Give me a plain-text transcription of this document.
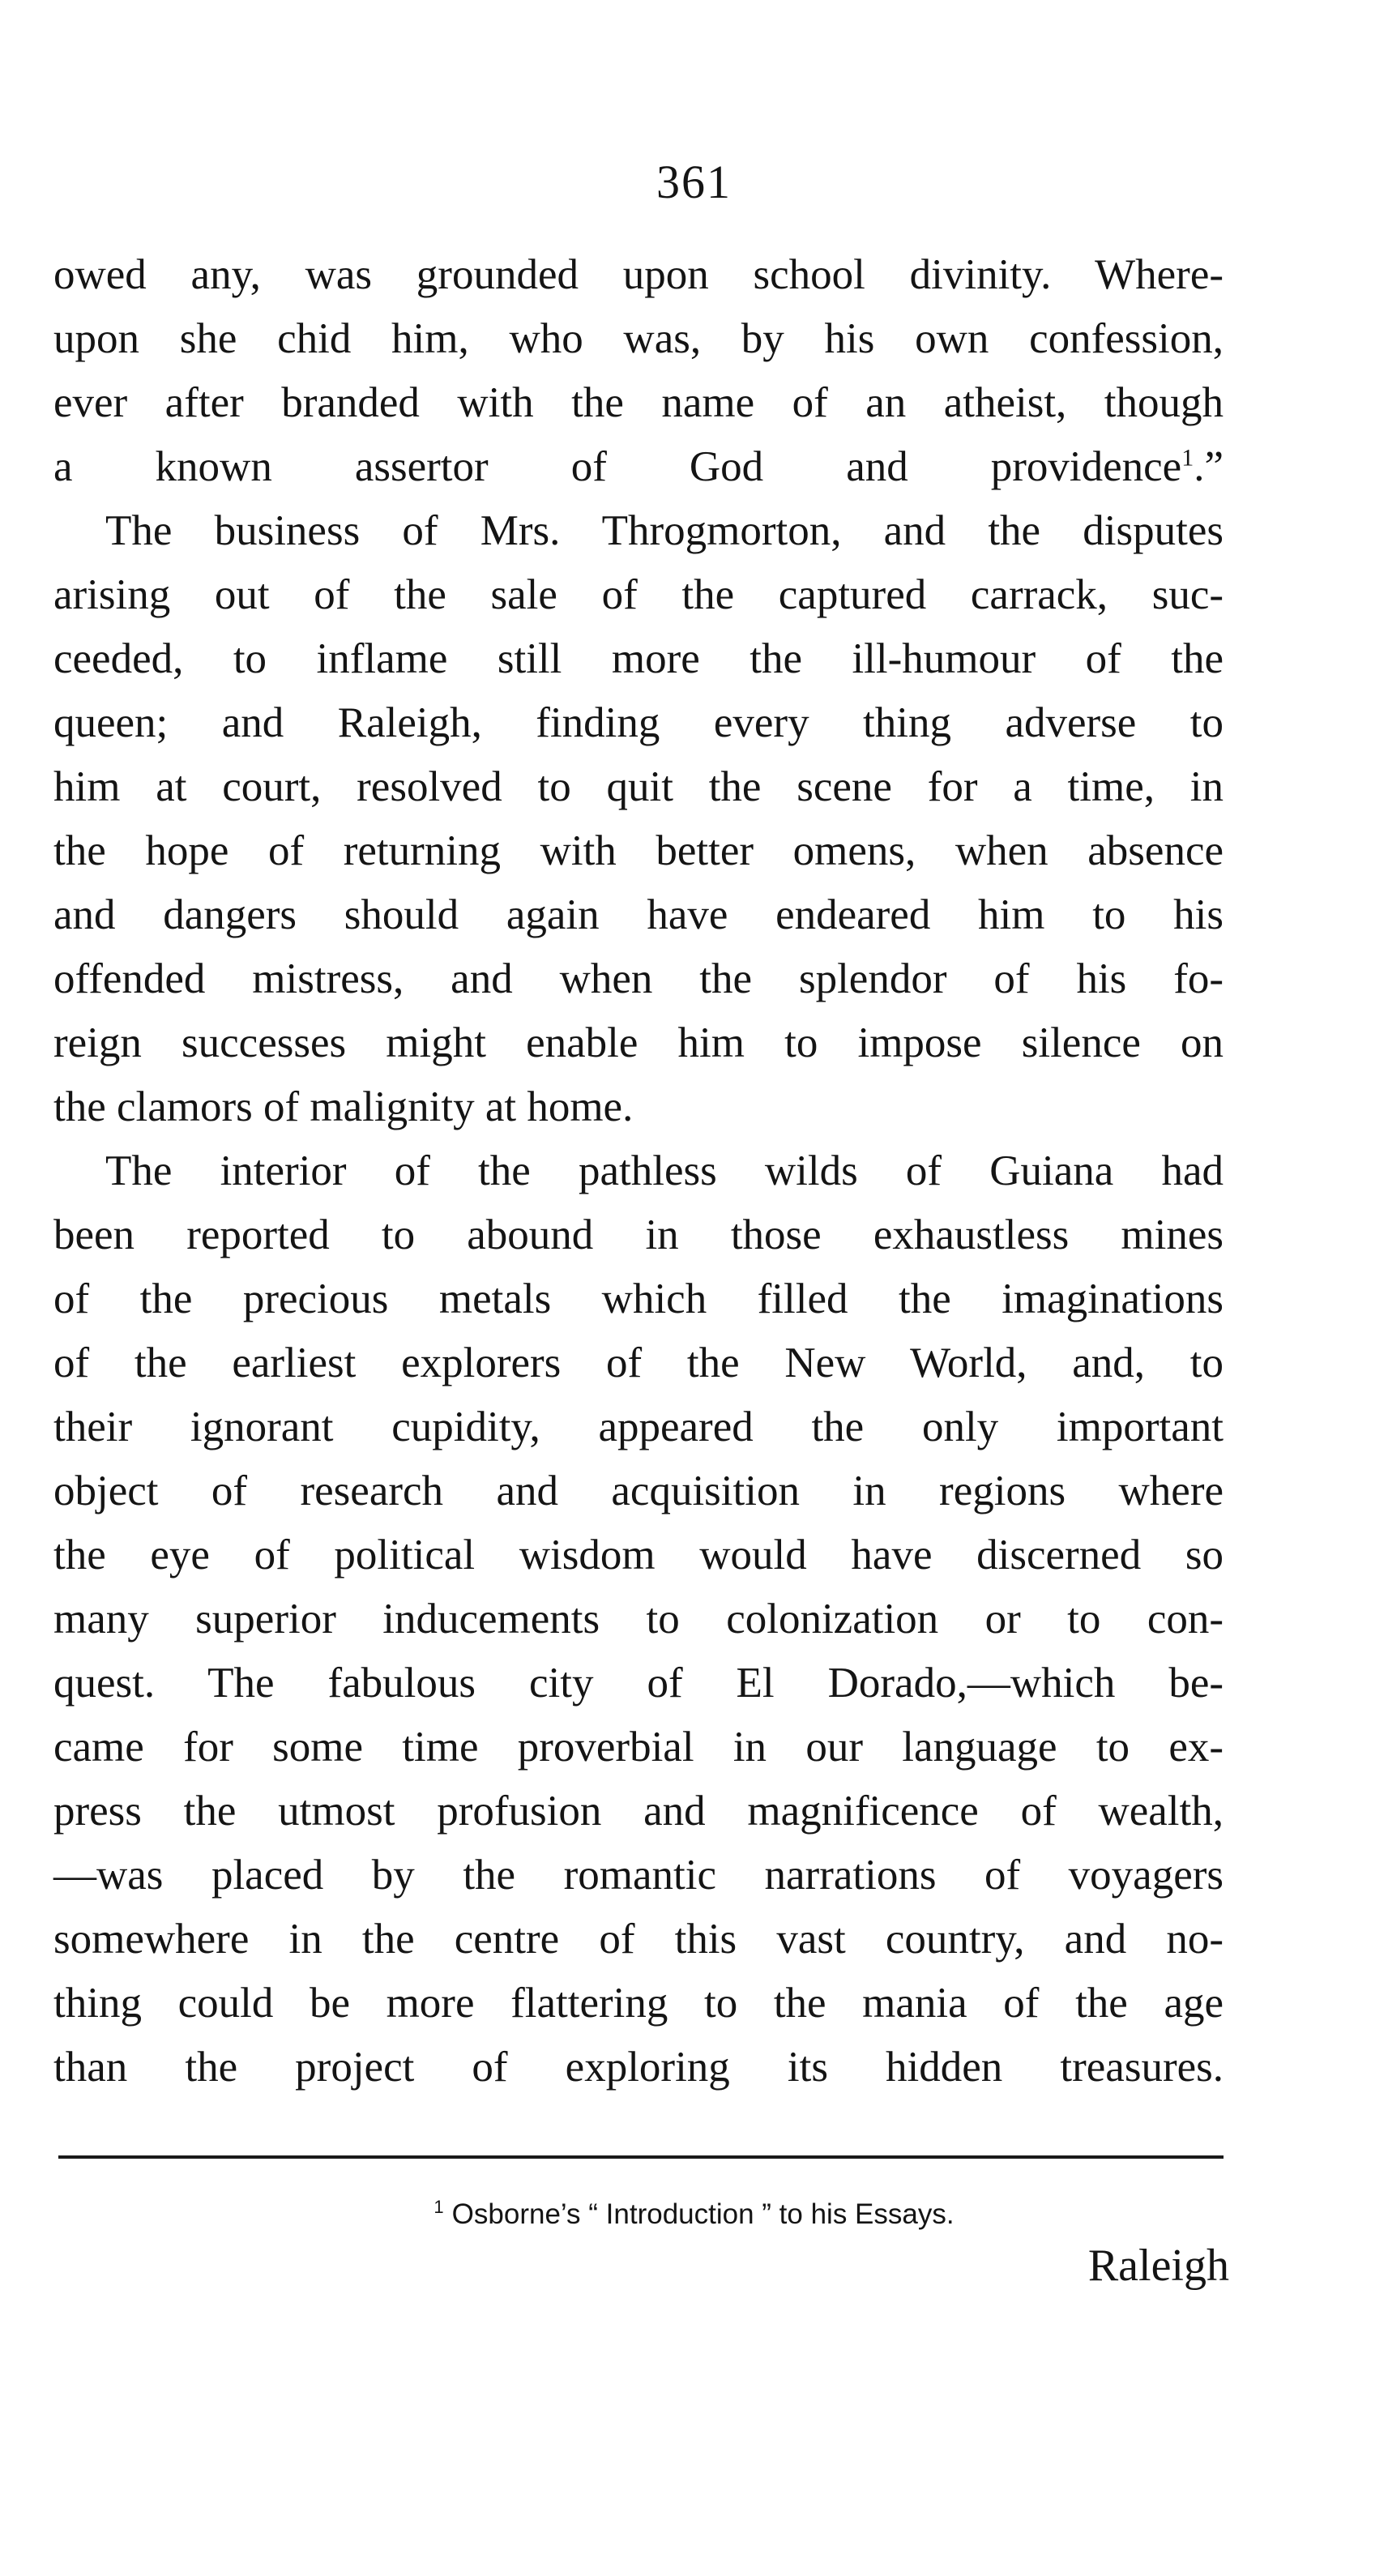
361
owed any, was grounded upon school divinity. Where-
upon she chid him, who was, by his own confession,
ever after branded with the name of an atheist, though
a known assertor of God and providence$^1$.”
The business of Mrs. Throgmorton, and the disputes
arising out of the sale of the captured carrack, suc-
ceeded, to inflame still more the ill-humour of the
queen; and Raleigh, finding every thing adverse to
him at court, resolved to quit the scene for a time, in
the hope of returning with better omens, when absence
and dangers should again have endeared him to his
offended mistress, and when the splendor of his fo-
reign successes might enable him to impose silence on
the clamors of malignity at home.
The interior of the pathless wilds of Guiana had
been reported to abound in those exhaustless mines
of the precious metals which filled the imaginations
of the earliest explorers of the New World, and, to
their ignorant cupidity, appeared the only important
object of research and acquisition in regions where
the eye of political wisdom would have discerned so
many superior inducements to colonization or to con-
quest. The fabulous city of El Dorado,—which be-
came for some time proverbial in our language to ex-
press the utmost profusion and magnificence of wealth,
—was placed by the romantic narrations of voyagers
somewhere in the centre of this vast country, and no-
thing could be more flattering to the mania of the age
than the project of exploring its hidden treasures.
$^1$ Osborne’s “ Introduction ” to his Essays.
Raleigh
